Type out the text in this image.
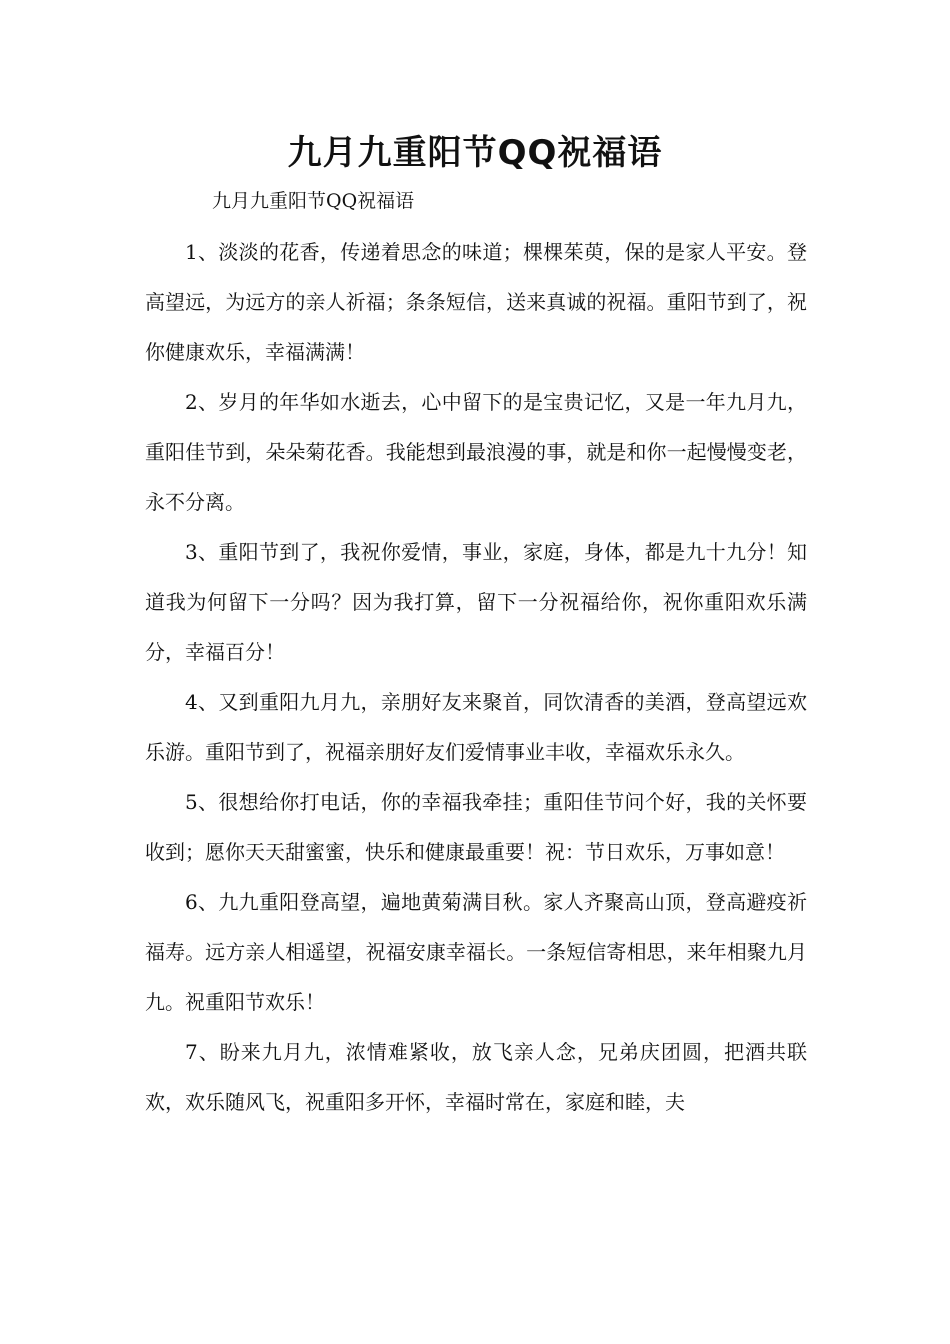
九月九重阳节QQ祝福语

九月九重阳节QQ祝福语

1、淡淡的花香，传递着思念的味道；棵棵茱萸，保的是家人平安。登高望远，为远方的亲人祈福；条条短信，送来真诚的祝福。重阳节到了，祝你健康欢乐，幸福满满！

2、岁月的年华如水逝去，心中留下的是宝贵记忆，又是一年九月九，重阳佳节到，朵朵菊花香。我能想到最浪漫的事，就是和你一起慢慢变老，永不分离。

3、重阳节到了，我祝你爱情，事业，家庭，身体，都是九十九分！知道我为何留下一分吗？因为我打算，留下一分祝福给你，祝你重阳欢乐满分，幸福百分！

4、又到重阳九月九，亲朋好友来聚首，同饮清香的美酒，登高望远欢乐游。重阳节到了，祝福亲朋好友们爱情事业丰收，幸福欢乐永久。

5、很想给你打电话，你的幸福我牵挂；重阳佳节问个好，我的关怀要收到；愿你天天甜蜜蜜，快乐和健康最重要！祝：节日欢乐，万事如意！

6、九九重阳登高望，遍地黄菊满目秋。家人齐聚高山顶，登高避疫祈福寿。远方亲人相遥望，祝福安康幸福长。一条短信寄相思，来年相聚九月九。祝重阳节欢乐！

7、盼来九月九，浓情难紧收，放飞亲人念，兄弟庆团圆，把酒共联欢，欢乐随风飞，祝重阳多开怀，幸福时常在，家庭和睦，夫
